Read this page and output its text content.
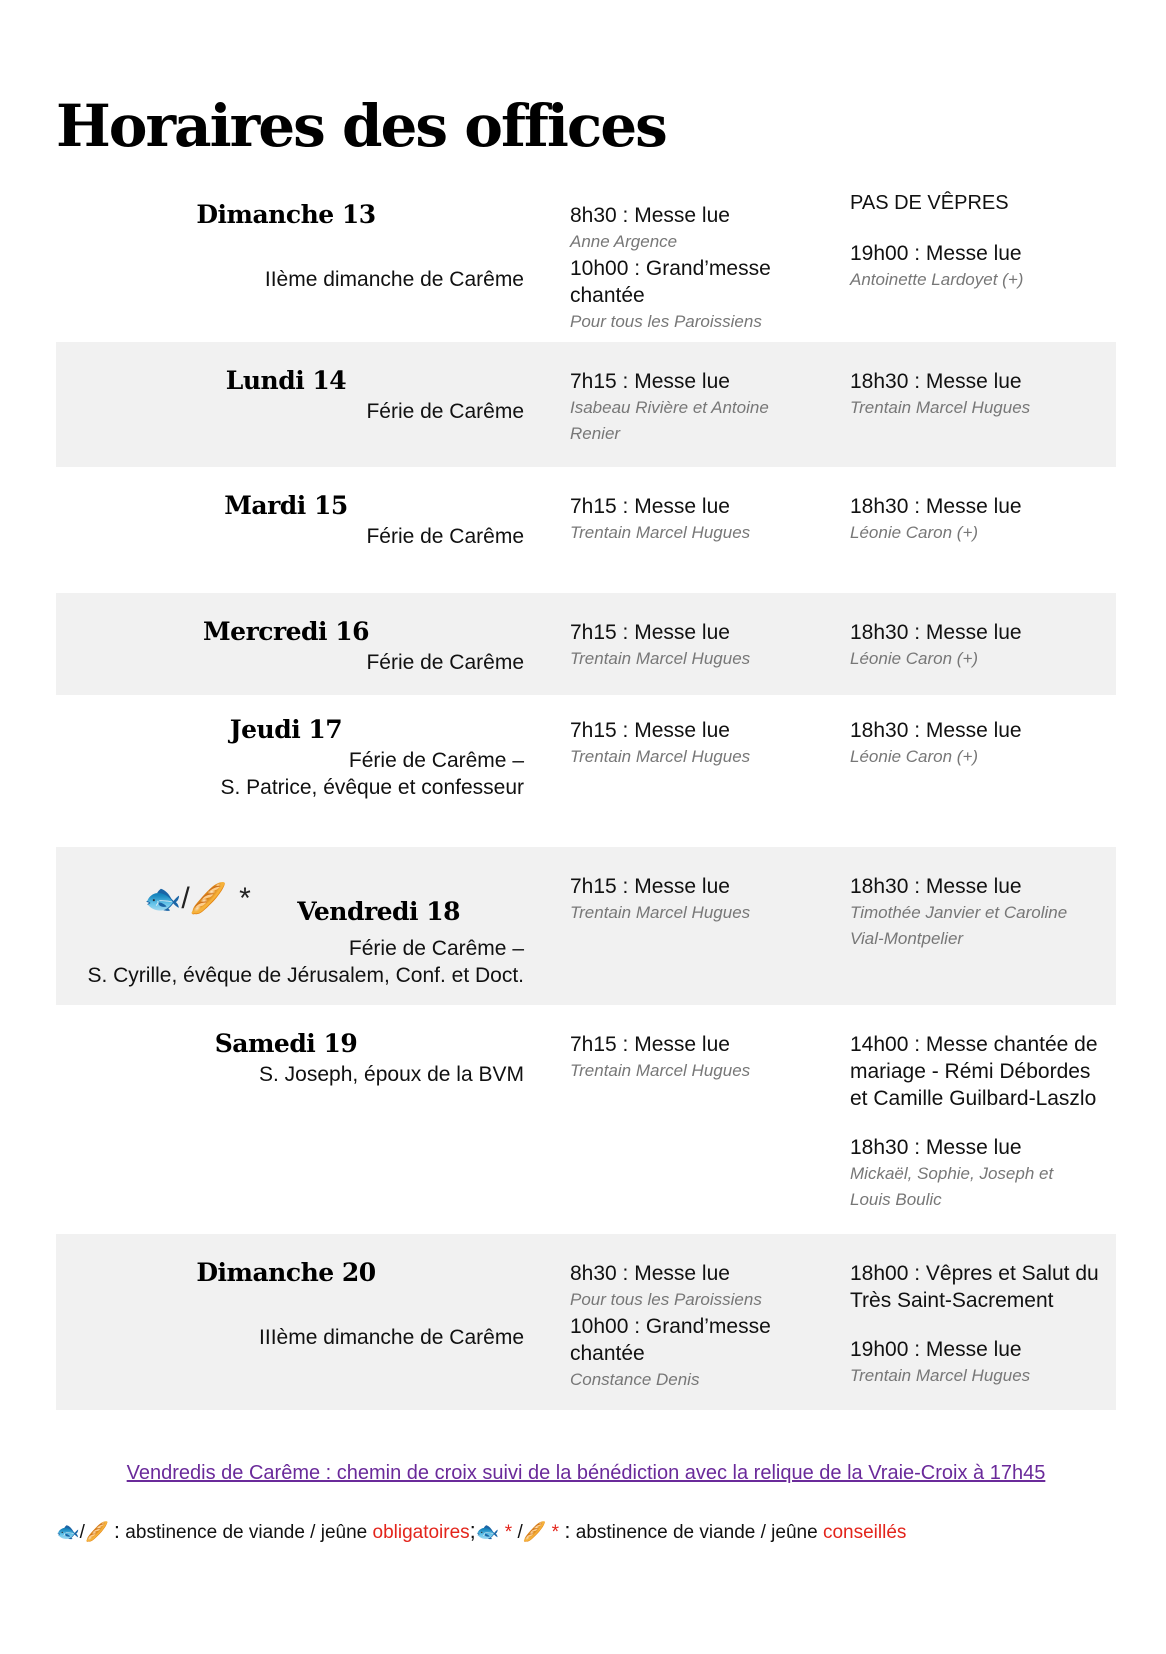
Horaires des offices

Dimanche 13

IIème dimanche de Carême

8h30 : Messe lue

Anne Argence

10h00 : Grand’messe chantée

Pour tous les Paroissiens

PAS DE VÊPRES

19h00 : Messe lue

Antoinette Lardoyet (+)

Lundi 14

Férie de Carême

7h15 : Messe lue

Isabeau Rivière et Antoine Renier

18h30 : Messe lue

Trentain Marcel Hugues

Mardi 15

Férie de Carême

7h15 : Messe lue

Trentain Marcel Hugues

18h30 : Messe lue

Léonie Caron (+)

Mercredi 16

Férie de Carême

7h15 : Messe lue

Trentain Marcel Hugues

18h30 : Messe lue

Léonie Caron (+)

Jeudi 17

Férie de Carême –

S. Patrice, évêque et confesseur

7h15 : Messe lue

Trentain Marcel Hugues

18h30 : Messe lue

Léonie Caron (+)

🐟/🥖 * Vendredi 18

Férie de Carême –

S. Cyrille, évêque de Jérusalem, Conf. et Doct.

7h15 : Messe lue

Trentain Marcel Hugues

18h30 : Messe lue

Timothée Janvier et Caroline Vial-Montpelier

Samedi 19

S. Joseph, époux de la BVM

7h15 : Messe lue

Trentain Marcel Hugues

14h00 : Messe chantée de mariage - Rémi Débordes et Camille Guilbard-Laszlo

18h30 : Messe lue

Mickaël, Sophie, Joseph et Louis Boulic

Dimanche 20

IIIème dimanche de Carême

8h30 : Messe lue

Pour tous les Paroissiens

10h00 : Grand’messe chantée

Constance Denis

18h00 : Vêpres et Salut du Très Saint-Sacrement

19h00 : Messe lue

Trentain Marcel Hugues

Vendredis de Carême : chemin de croix suivi de la bénédiction avec la relique de la Vraie-Croix à 17h45

🐟/🥖 : abstinence de viande / jeûne obligatoires;🐟 * /🥖 * : abstinence de viande / jeûne conseillés
